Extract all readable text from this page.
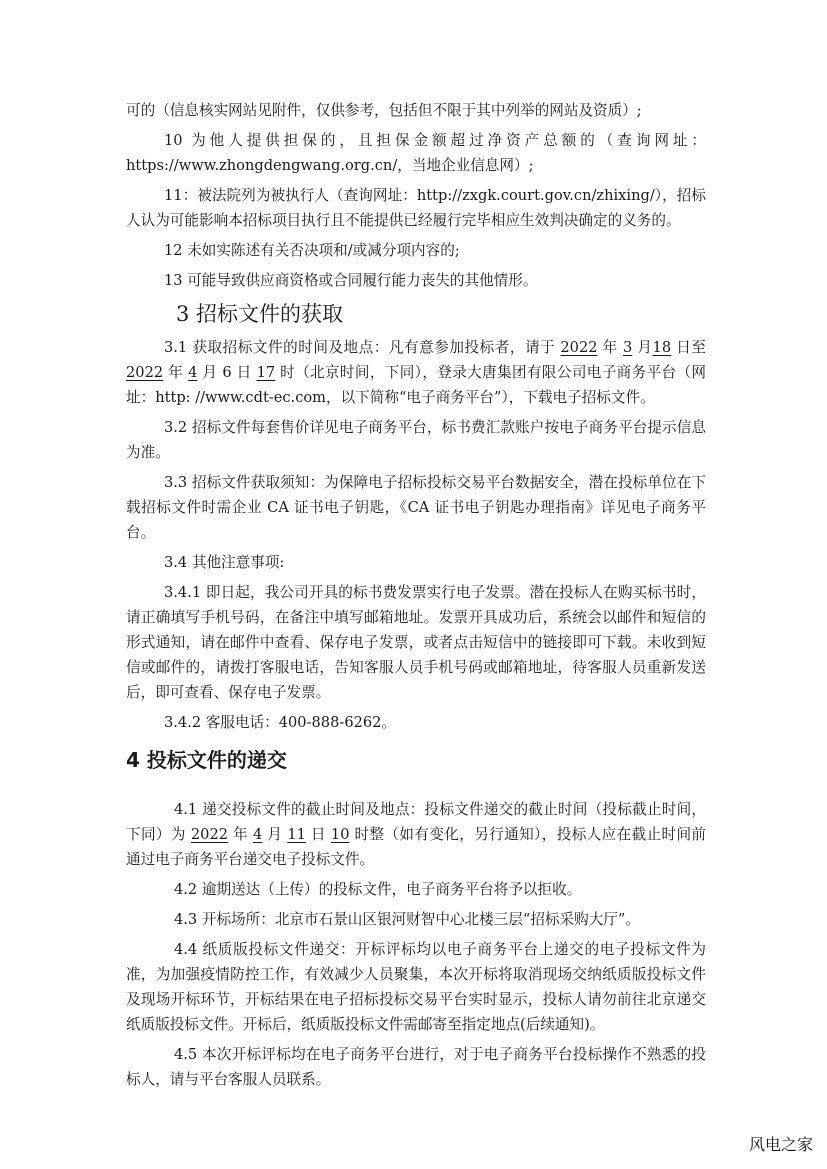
可的（信息核实网站见附件，仅供参考，包括但不限于其中列举的网站及资质）;

10 为他人提供担保的，且担保金额超过净资产总额的（查询网址：https://www.zhongdengwang.org.cn/，当地企业信息网）;

11：被法院列为被执行人（查询网址：http://zxgk.court.gov.cn/zhixing/），招标人认为可能影响本招标项目执行且不能提供已经履行完毕相应生效判决确定的义务的。

12 未如实陈述有关否决项和/或减分项内容的;

13 可能导致供应商资格或合同履行能力丧失的其他情形。

3 招标文件的获取

3.1 获取招标文件的时间及地点：凡有意参加投标者，请于 2022 年 3 月18 日至 2022 年 4 月 6 日 17 时（北京时间，下同），登录大唐集团有限公司电子商务平台（网址：http: //www.cdt-ec.com，以下简称“电子商务平台”），下载电子招标文件。

3.2 招标文件每套售价详见电子商务平台，标书费汇款账户按电子商务平台提示信息为准。

3.3 招标文件获取须知：为保障电子招标投标交易平台数据安全，潜在投标单位在下载招标文件时需企业 CA 证书电子钥匙，《CA 证书电子钥匙办理指南》详见电子商务平台。

3.4 其他注意事项:

3.4.1 即日起，我公司开具的标书费发票实行电子发票。潜在投标人在购买标书时，请正确填写手机号码，在备注中填写邮箱地址。发票开具成功后，系统会以邮件和短信的形式通知，请在邮件中查看、保存电子发票，或者点击短信中的链接即可下载。未收到短信或邮件的，请拨打客服电话，告知客服人员手机号码或邮箱地址，待客服人员重新发送后，即可查看、保存电子发票。

3.4.2 客服电话：400-888-6262。

4 投标文件的递交

4.1 递交投标文件的截止时间及地点：投标文件递交的截止时间（投标截止时间，下同）为 2022 年 4 月 11 日 10 时整（如有变化，另行通知），投标人应在截止时间前通过电子商务平台递交电子投标文件。

4.2 逾期送达（上传）的投标文件，电子商务平台将予以拒收。

4.3 开标场所：北京市石景山区银河财智中心北楼三层“招标采购大厅”。

4.4 纸质版投标文件递交：开标评标均以电子商务平台上递交的电子投标文件为准，为加强疫情防控工作，有效减少人员聚集，本次开标将取消现场交纳纸质版投标文件及现场开标环节，开标结果在电子招标投标交易平台实时显示，投标人请勿前往北京递交纸质版投标文件。开标后，纸质版投标文件需邮寄至指定地点(后续通知)。

4.5 本次开标评标均在电子商务平台进行，对于电子商务平台投标操作不熟悉的投标人，请与平台客服人员联系。

风电之家
